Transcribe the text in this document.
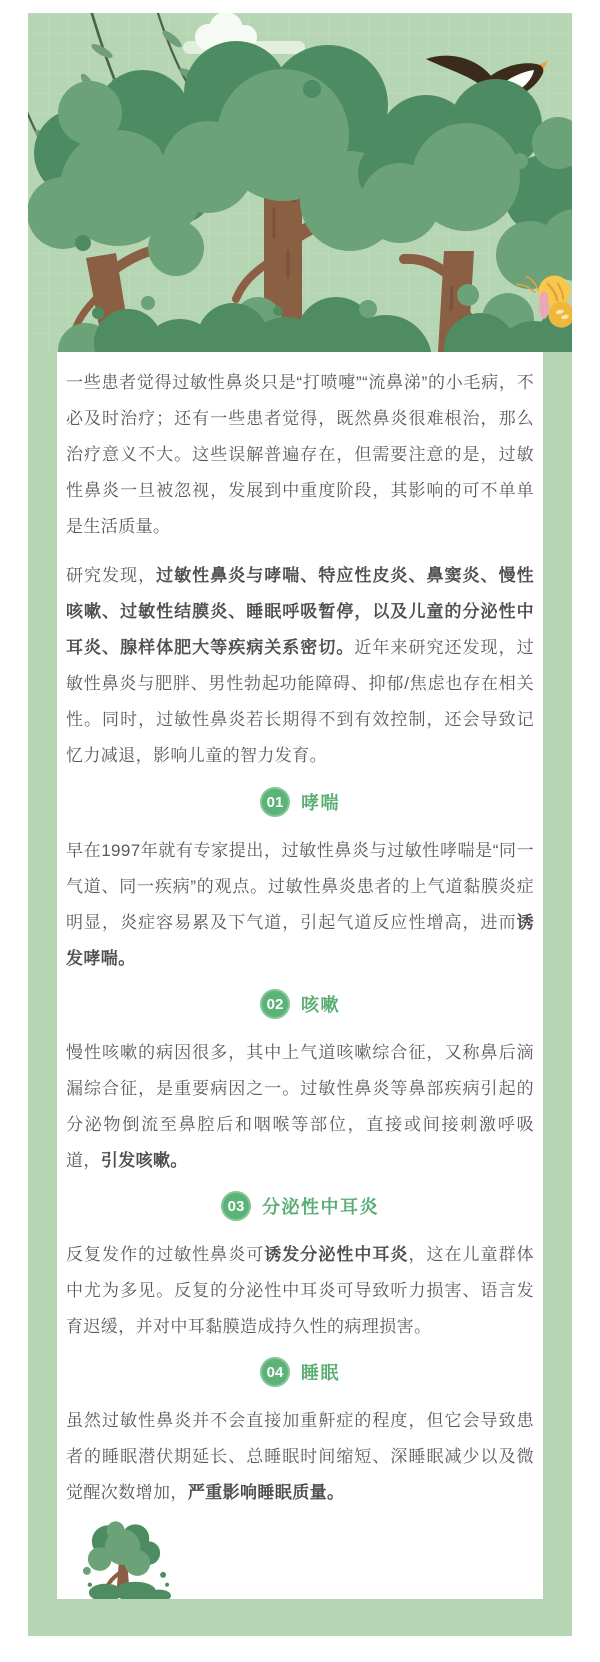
一些患者觉得过敏性鼻炎只是“打喷嚏”“流鼻涕”的小毛病，不必及时治疗；还有一些患者觉得，既然鼻炎很难根治，那么治疗意义不大。这些误解普遍存在，但需要注意的是，过敏性鼻炎一旦被忽视，发展到中重度阶段，其影响的可不单单是生活质量。

研究发现，过敏性鼻炎与哮喘、特应性皮炎、鼻窦炎、慢性咳嗽、过敏性结膜炎、睡眠呼吸暂停，以及儿童的分泌性中耳炎、腺样体肥大等疾病关系密切。近年来研究还发现，过敏性鼻炎与肥胖、男性勃起功能障碍、抑郁/焦虑也存在相关性。同时，过敏性鼻炎若长期得不到有效控制，还会导致记忆力减退，影响儿童的智力发育。

01 哮喘

早在1997年就有专家提出，过敏性鼻炎与过敏性哮喘是“同一气道、同一疾病”的观点。过敏性鼻炎患者的上气道黏膜炎症明显，炎症容易累及下气道，引起气道反应性增高，进而诱发哮喘。

02 咳嗽

慢性咳嗽的病因很多，其中上气道咳嗽综合征，又称鼻后滴漏综合征，是重要病因之一。过敏性鼻炎等鼻部疾病引起的分泌物倒流至鼻腔后和咽喉等部位，直接或间接刺激呼吸道，引发咳嗽。

03 分泌性中耳炎

反复发作的过敏性鼻炎可诱发分泌性中耳炎，这在儿童群体中尤为多见。反复的分泌性中耳炎可导致听力损害、语言发育迟缓，并对中耳黏膜造成持久性的病理损害。

04 睡眠

虽然过敏性鼻炎并不会直接加重鼾症的程度，但它会导致患者的睡眠潜伏期延长、总睡眠时间缩短、深睡眠减少以及微觉醒次数增加，严重影响睡眠质量。
